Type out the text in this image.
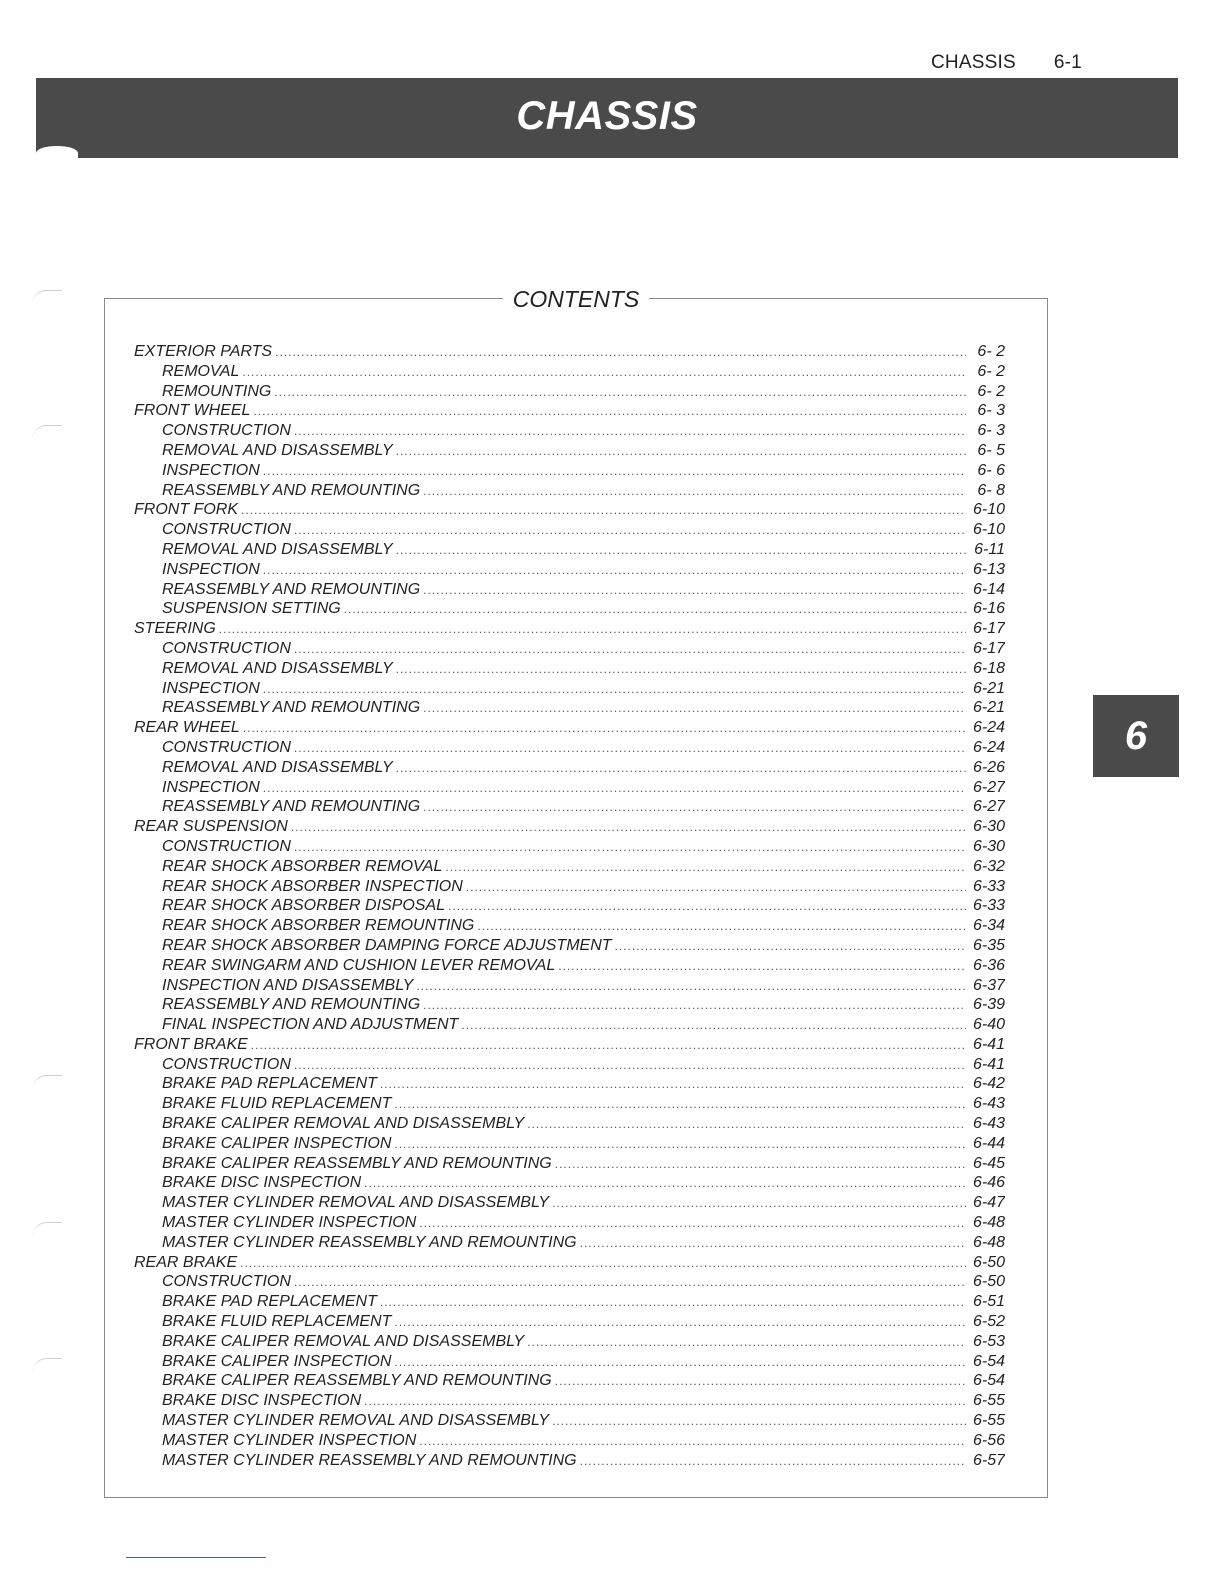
CHASSIS 6-1
CHASSIS
6
CONTENTS
EXTERIOR PARTS .....	6- 2
REMOVAL .....	6- 2
REMOUNTING .....	6- 2
FRONT WHEEL .....	6- 3
CONSTRUCTION .....	6- 3
REMOVAL AND DISASSEMBLY .....	6- 5
INSPECTION .....	6- 6
REASSEMBLY AND REMOUNTING .....	6- 8
FRONT FORK .....	6-10
CONSTRUCTION .....	6-10
REMOVAL AND DISASSEMBLY .....	6-11
INSPECTION .....	6-13
REASSEMBLY AND REMOUNTING .....	6-14
SUSPENSION SETTING .....	6-16
STEERING .....	6-17
CONSTRUCTION .....	6-17
REMOVAL AND DISASSEMBLY .....	6-18
INSPECTION .....	6-21
REASSEMBLY AND REMOUNTING .....	6-21
REAR WHEEL .....	6-24
CONSTRUCTION .....	6-24
REMOVAL AND DISASSEMBLY .....	6-26
INSPECTION .....	6-27
REASSEMBLY AND REMOUNTING .....	6-27
REAR SUSPENSION .....	6-30
CONSTRUCTION .....	6-30
REAR SHOCK ABSORBER REMOVAL .....	6-32
REAR SHOCK ABSORBER INSPECTION .....	6-33
REAR SHOCK ABSORBER DISPOSAL .....	6-33
REAR SHOCK ABSORBER REMOUNTING .....	6-34
REAR SHOCK ABSORBER DAMPING FORCE ADJUSTMENT .....	6-35
REAR SWINGARM AND CUSHION LEVER REMOVAL .....	6-36
INSPECTION AND DISASSEMBLY .....	6-37
REASSEMBLY AND REMOUNTING .....	6-39
FINAL INSPECTION AND ADJUSTMENT .....	6-40
FRONT BRAKE .....	6-41
CONSTRUCTION .....	6-41
BRAKE PAD REPLACEMENT .....	6-42
BRAKE FLUID REPLACEMENT .....	6-43
BRAKE CALIPER REMOVAL AND DISASSEMBLY .....	6-43
BRAKE CALIPER INSPECTION .....	6-44
BRAKE CALIPER REASSEMBLY AND REMOUNTING .....	6-45
BRAKE DISC INSPECTION .....	6-46
MASTER CYLINDER REMOVAL AND DISASSEMBLY .....	6-47
MASTER CYLINDER INSPECTION .....	6-48
MASTER CYLINDER REASSEMBLY AND REMOUNTING .....	6-48
REAR BRAKE .....	6-50
CONSTRUCTION .....	6-50
BRAKE PAD REPLACEMENT .....	6-51
BRAKE FLUID REPLACEMENT .....	6-52
BRAKE CALIPER REMOVAL AND DISASSEMBLY .....	6-53
BRAKE CALIPER INSPECTION .....	6-54
BRAKE CALIPER REASSEMBLY AND REMOUNTING .....	6-54
BRAKE DISC INSPECTION .....	6-55
MASTER CYLINDER REMOVAL AND DISASSEMBLY .....	6-55
MASTER CYLINDER INSPECTION .....	6-56
MASTER CYLINDER REASSEMBLY AND REMOUNTING .....	6-57
